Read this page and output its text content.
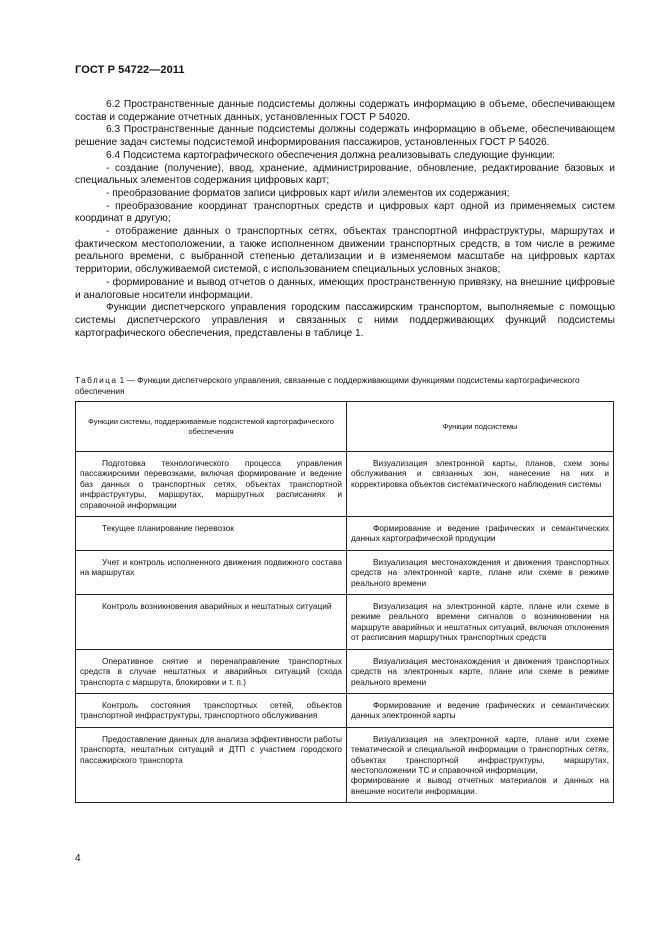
ГОСТ Р 54722—2011

6.2 Пространственные данные подсистемы должны содержать информацию в объеме, обеспечивающем состав и содержание отчетных данных, установленных ГОСТ Р 54020.

6.3 Пространственные данные подсистемы должны содержать информацию в объеме, обеспечивающем решение задач системы подсистемой информирования пассажиров, установленных ГОСТ Р 54026.

6.4 Подсистема картографического обеспечения должна реализовывать следующие функции:

- создание (получение), ввод, хранение, администрирование, обновление, редактирование базовых и специальных элементов содержания цифровых карт;

- преобразование форматов записи цифровых карт и/или элементов их содержания;

- преобразование координат транспортных средств и цифровых карт одной из применяемых систем координат в другую;

- отображение данных о транспортных сетях, объектах транспортной инфраструктуры, маршрутах и фактическом местоположении, а также исполненном движении транспортных средств, в том числе в режиме реального времени, с выбранной степенью детализации и в изменяемом масштабе на цифровых картах территории, обслуживаемой системой, с использованием специальных условных знаков;

- формирование и вывод отчетов о данных, имеющих пространственную привязку, на внешние цифровые и аналоговые носители информации.

Функции диспетчерского управления городским пассажирским транспортом, выполняемые с помощью системы диспетчерского управления и связанных с ними поддерживающих функций подсистемы картографического обеспечения, представлены в таблице 1.

Таблица 1 — Функции диспетчерского управления, связанные с поддерживающими функциями подсистемы картографического обеспечения
Функции системы, поддерживаемые подсистемой картографического обеспечения	Функции подсистемы

Подготовка технологического процесса управления пассажирскими перевозками, включая формирование и ведение баз данных о транспортных сетях, объектах транспортной инфраструктуры, маршрутах, маршрутных расписаниях и справочной информации	Визуализация электронной карты, планов, схем зоны обслуживания и связанных зон, нанесение на них и корректировка объектов систематического наблюдения системы

Текущее планирование перевозок	Формирование и ведение графических и семантических данных картографической продукции

Учет и контроль исполненного движения подвижного состава на маршрутах	Визуализация местонахождения и движения транспортных средств на электронной карте, плане или схеме в режиме реального времени

Контроль возникновения аварийных и нештатных ситуаций	Визуализация на электронной карте, плане или схеме в режиме реального времени сигналов о возникновении на маршруте аварийных и нештатных ситуаций, включая отклонения от расписания маршрутных транспортных средств

Оперативное снятие и перенаправление транспортных средств в случае нештатных и аварийных ситуаций (схода транспорта с маршрута, блокировки и т. п.)	Визуализация местонахождения и движения транспортных средств на электронных карте, плане или схеме в режиме реального времени

Контроль состояния транспортных сетей, объектов транспортной инфраструктуры, транспортного обслуживания	Формирование и ведение графических и семантических данных электронной карты

Предоставление данных для анализа эффективности работы транспорта, нештатных ситуаций и ДТП с участием городского пассажирского транспорта	Визуализация на электронной карте, плане или схеме тематической и специальной информации о транспортных сетях, объектах транспортной инфраструктуры, маршрутах, местоположении ТС и справочной информации,
формирование и вывод отчетных материалов и данных на внешние носители информации.
4
